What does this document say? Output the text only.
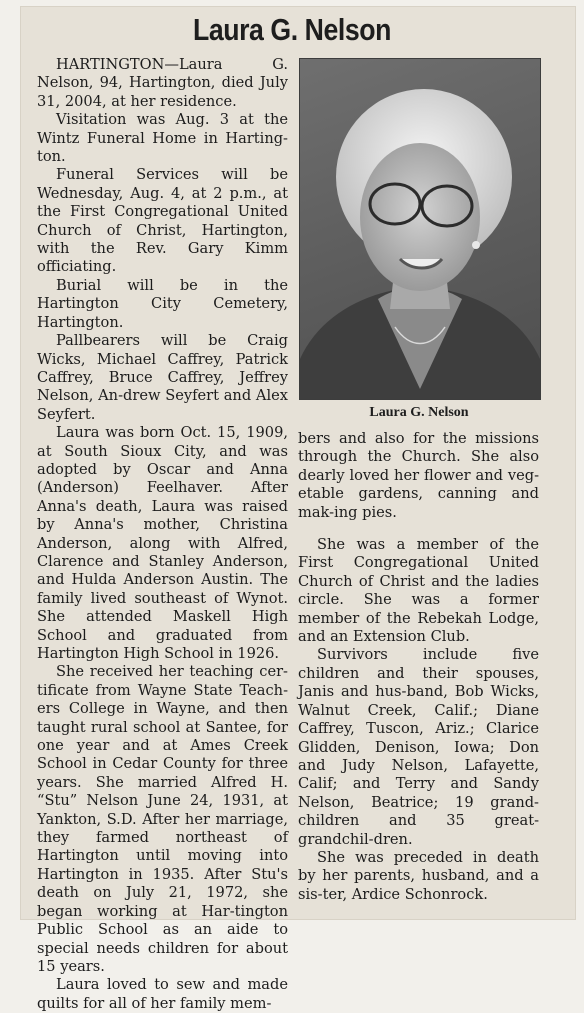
Laura G. Nelson

HARTINGTON—Laura G. Nelson, 94, Hartington, died July 31, 2004, at her residence.

Visitation was Aug. 3 at the Wintz Funeral Home in Harting-ton.

Funeral Services will be Wednesday, Aug. 4, at 2 p.m., at the First Congregational United Church of Christ, Hartington, with the Rev. Gary Kimm officiating.

Burial will be in the Hartington City Cemetery, Hartington.

Pallbearers will be Craig Wicks, Michael Caffrey, Patrick Caffrey, Bruce Caffrey, Jeffrey Nelson, An-drew Seyfert and Alex Seyfert.

Laura was born Oct. 15, 1909, at South Sioux City, and was adopted by Oscar and Anna (Anderson) Feelhaver. After Anna's death, Laura was raised by Anna's mother, Christina Anderson, along with Alfred, Clarence and Stanley Anderson, and Hulda Anderson Austin. The family lived southeast of Wynot. She attended Maskell High School and graduated from Hartington High School in 1926.

She received her teaching cer-tificate from Wayne State Teach-ers College in Wayne, and then taught rural school at Santee, for one year and at Ames Creek School in Cedar County for three years. She married Alfred H. “Stu” Nelson June 24, 1931, at Yankton, S.D. After her marriage, they farmed northeast of Hartington until moving into Hartington in 1935. After Stu's death on July 21, 1972, she began working at Har-tington Public School as an aide to special needs children for about 15 years.

Laura loved to sew and made quilts for all of her family mem-

Laura G. Nelson

bers and also for the missions through the Church. She also dearly loved her flower and veg-etable gardens, canning and mak-ing pies.

She was a member of the First Congregational United Church of Christ and the ladies circle. She was a former member of the Rebekah Lodge, and an Extension Club.

Survivors include five children and their spouses, Janis and hus-band, Bob Wicks, Walnut Creek, Calif.; Diane Caffrey, Tuscon, Ariz.; Clarice Glidden, Denison, Iowa; Don and Judy Nelson, Lafayette, Calif; and Terry and Sandy Nelson, Beatrice; 19 grand-children and 35 great-grandchil-dren.

She was preceded in death by her parents, husband, and a sis-ter, Ardice Schonrock.
